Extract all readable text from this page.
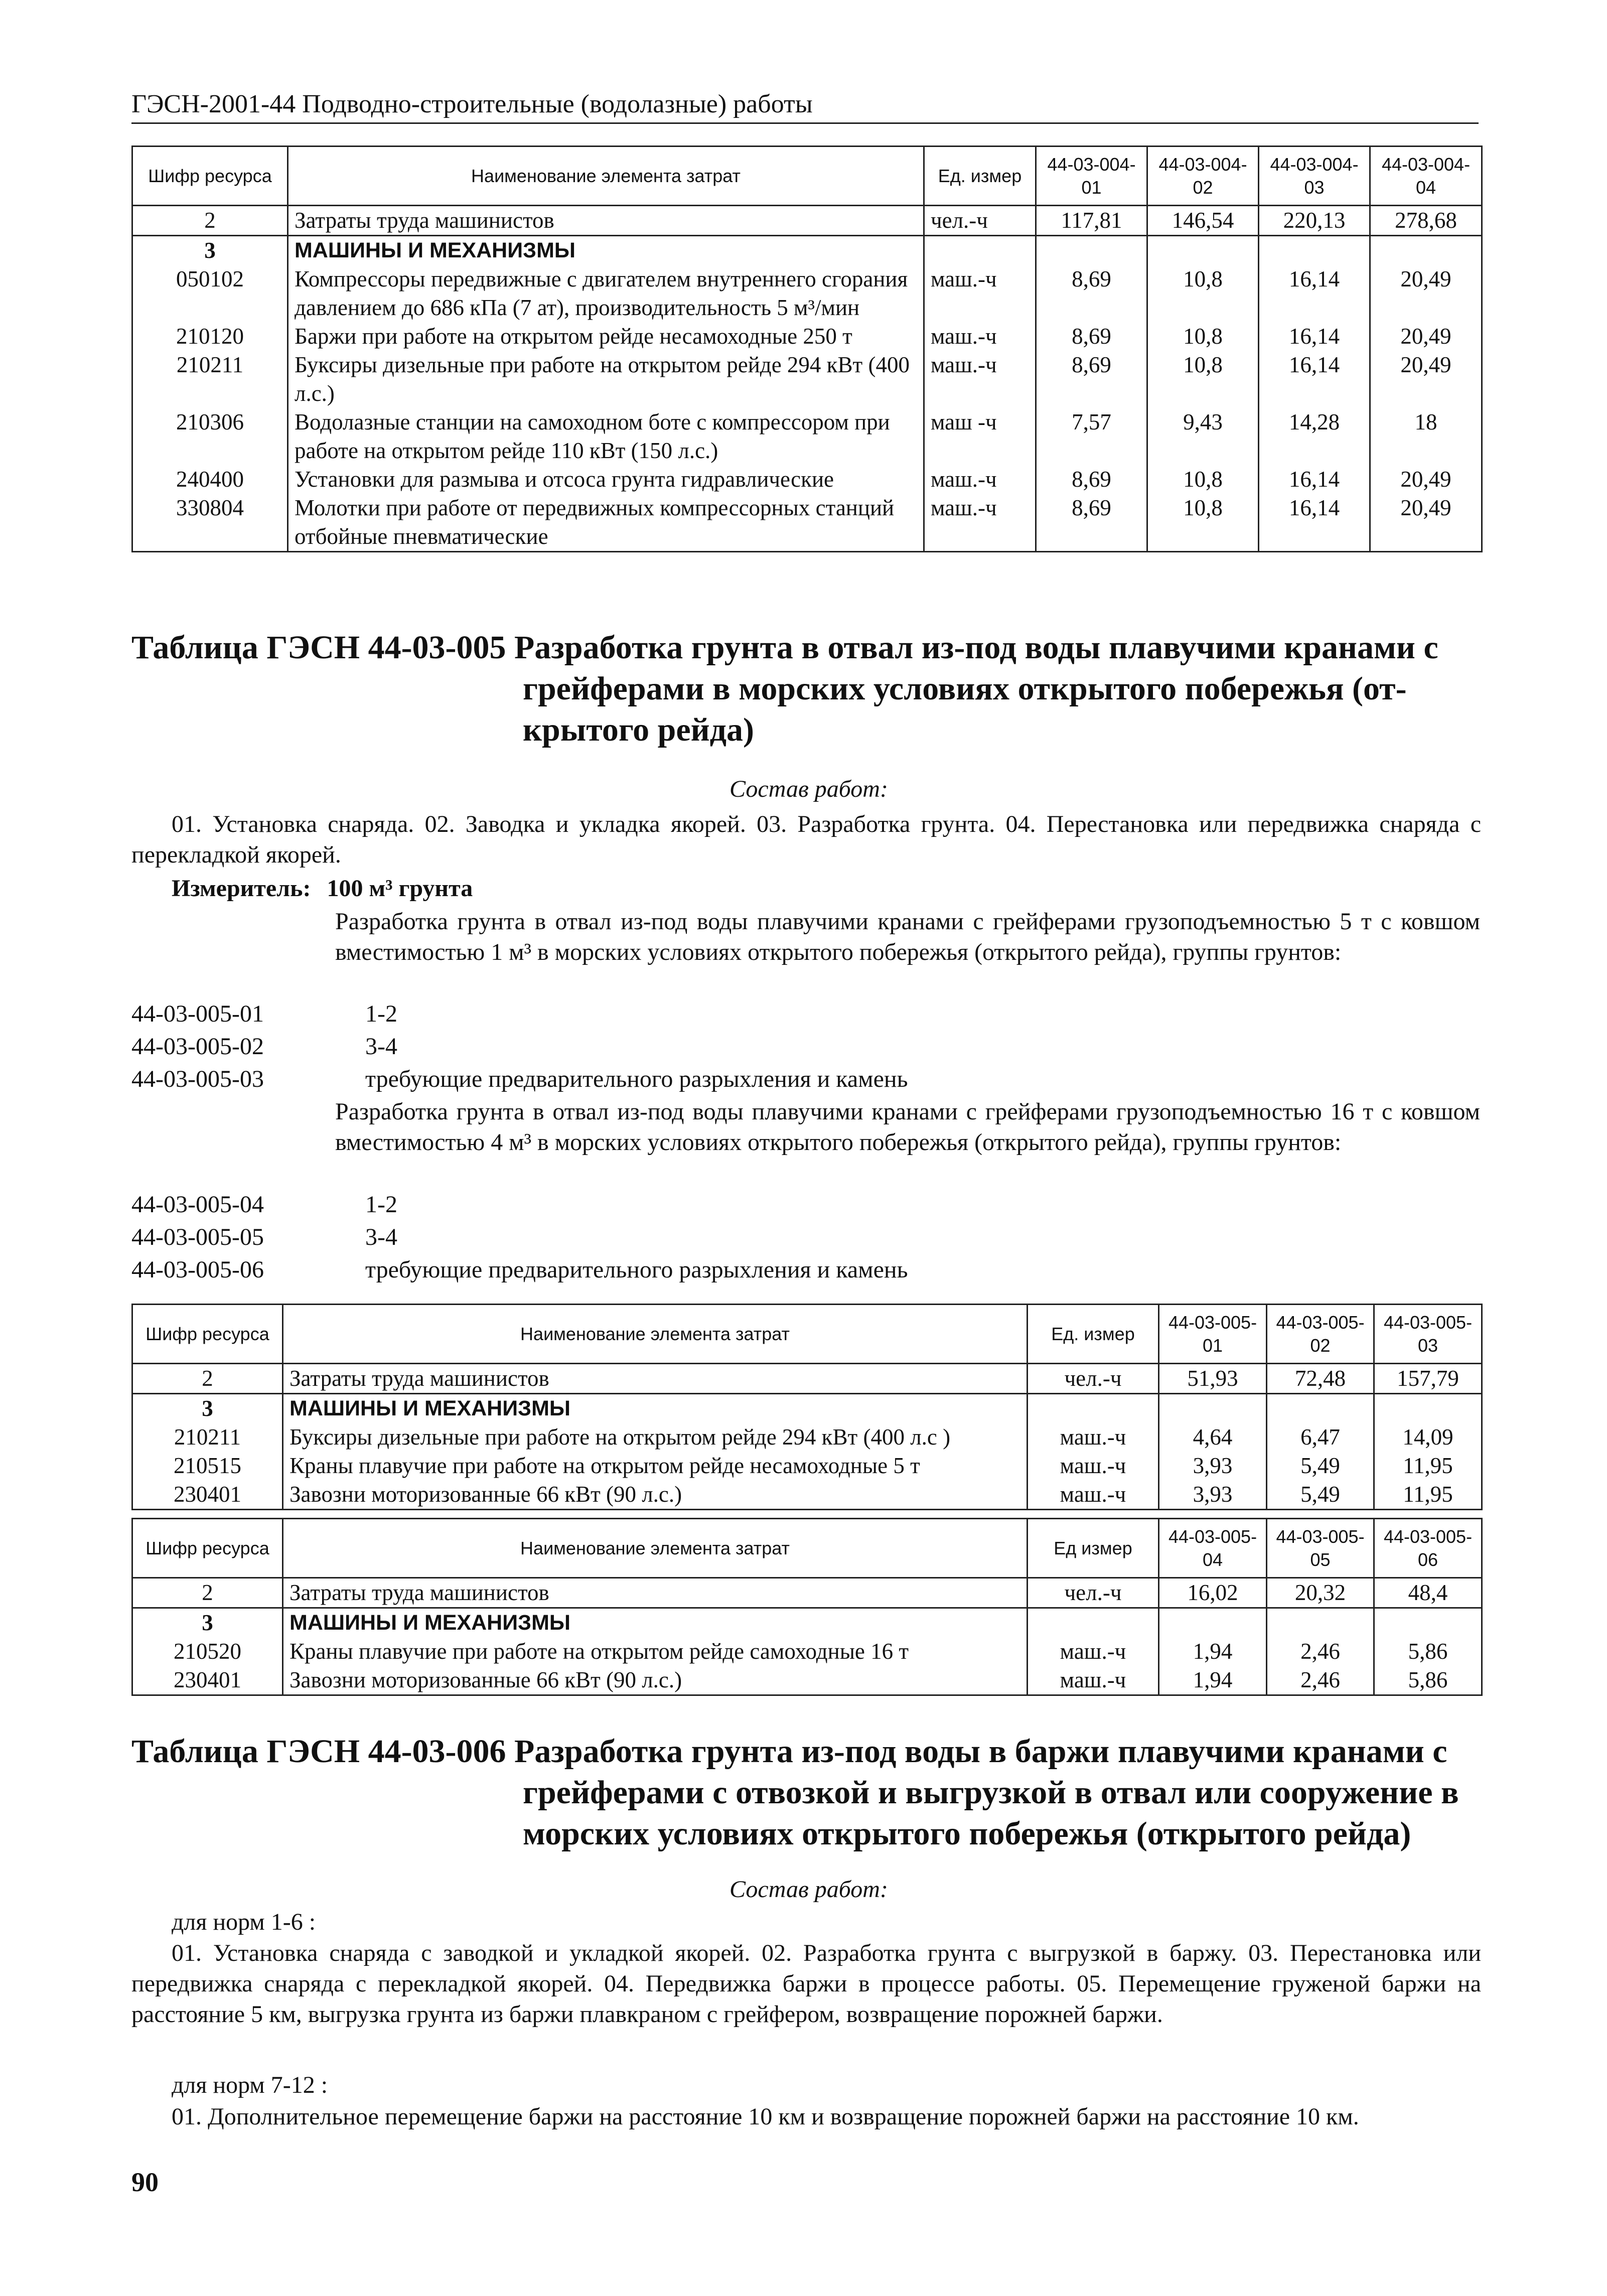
ГЭСН-2001-44 Подводно-строительные (водолазные) работы
Шифр ресурса	Наименование элемента затрат	Ед. измер	44-03-004-01	44-03-004-02	44-03-004-03	44-03-004-04
2	Затраты труда машинистов	чел.-ч	117,81	146,54	220,13	278,68
3	МАШИНЫ И МЕХАНИЗМЫ					
050102	Компрессоры передвижные с двигателем внутреннего сгорания давлением до 686 кПа (7 ат), производительность 5 м³/мин	маш.-ч	8,69	10,8	16,14	20,49
210120	Баржи при работе на открытом рейде несамоходные 250 т	маш.-ч	8,69	10,8	16,14	20,49
210211	Буксиры дизельные при работе на открытом рейде 294 кВт (400 л.с.)	маш.-ч	8,69	10,8	16,14	20,49
210306	Водолазные станции на самоходном боте с компрессором при работе на открытом рейде 110 кВт (150 л.с.)	маш -ч	7,57	9,43	14,28	18
240400	Установки для размыва и отсоса грунта гидравлические	маш.-ч	8,69	10,8	16,14	20,49
330804	Молотки при работе от передвижных компрессорных станций отбойные пневматические	маш.-ч	8,69	10,8	16,14	20,49
Таблица ГЭСН 44-03-005 Разработка грунта в отвал из-под воды плавучими кранами с
грейферами в морских условиях открытого побережья (от-
крытого рейда)
Состав работ:
01. Установка снаряда. 02. Заводка и укладка якорей. 03. Разработка грунта. 04. Перестановка или передвижка снаряда с перекладкой якорей.
Измеритель: 100 м³ грунта
Разработка грунта в отвал из-под воды плавучими кранами с грейферами грузоподъемностью 5 т с ковшом вместимостью 1 м³ в морских условиях открытого побережья (открытого рейда), группы грунтов:
44-03-005-01	1-2
44-03-005-02	3-4
44-03-005-03	требующие предварительного разрыхления и камень
Разработка грунта в отвал из-под воды плавучими кранами с грейферами грузоподъемностью 16 т с ковшом вместимостью 4 м³ в морских условиях открытого побережья (открытого рейда), группы грунтов:
44-03-005-04	1-2
44-03-005-05	3-4
44-03-005-06	требующие предварительного разрыхления и камень
Шифр ресурса	Наименование элемента затрат	Ед. измер	44-03-005-01	44-03-005-02	44-03-005-03
2	Затраты труда машинистов	чел.-ч	51,93	72,48	157,79
3	МАШИНЫ И МЕХАНИЗМЫ				
210211	Буксиры дизельные при работе на открытом рейде 294 кВт (400 л.с )	маш.-ч	4,64	6,47	14,09
210515	Краны плавучие при работе на открытом рейде несамоходные 5 т	маш.-ч	3,93	5,49	11,95
230401	Завозни моторизованные 66 кВт (90 л.с.)	маш.-ч	3,93	5,49	11,95
Шифр ресурса	Наименование элемента затрат	Ед измер	44-03-005-04	44-03-005-05	44-03-005-06
2	Затраты труда машинистов	чел.-ч	16,02	20,32	48,4
3	МАШИНЫ И МЕХАНИЗМЫ				
210520	Краны плавучие при работе на открытом рейде самоходные 16 т	маш.-ч	1,94	2,46	5,86
230401	Завозни моторизованные 66 кВт (90 л.с.)	маш.-ч	1,94	2,46	5,86
Таблица ГЭСН 44-03-006 Разработка грунта из-под воды в баржи плавучими кранами с
грейферами с отвозкой и выгрузкой в отвал или сооружение в
морских условиях открытого побережья (открытого рейда)
Состав работ:
для норм 1-6 :
01. Установка снаряда с заводкой и укладкой якорей. 02. Разработка грунта с выгрузкой в баржу. 03. Перестановка или передвижка снаряда с перекладкой якорей. 04. Передвижка баржи в процессе работы. 05. Перемещение груженой баржи на расстояние 5 км, выгрузка грунта из баржи плавкраном с грейфером, возвращение порожней баржи.
для норм 7-12 :
01. Дополнительное перемещение баржи на расстояние 10 км и возвращение порожней баржи на расстояние 10 км.
90
